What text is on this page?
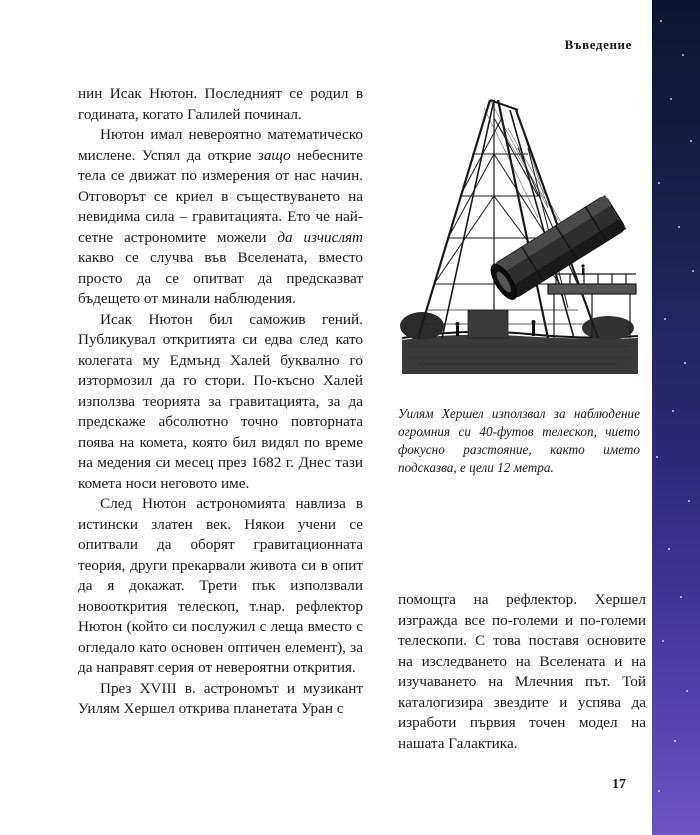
Въведение

нин Исак Нютон. Последният се родил в годината, когато Галилей починал.

Нютон имал невероятно математическо мислене. Успял да открие защо небесните тела се движат по измерения от нас начин. Отговорът се криел в съществуването на невидима сила – гравитацията. Ето че най-сетне астрономите можели да изчислят какво се случва във Вселената, вместо просто да се опитват да предсказват бъдещето от минали наблюдения.

Исак Нютон бил саможив гений. Публикувал откритията си едва след като колегата му Едмънд Халей буквално го изтормозил да го стори. По-късно Халей използва теорията за гравитацията, за да предскаже абсолютно точно повторната поява на комета, която бил видял по време на медения си месец през 1682 г. Днес тази комета носи неговото име.

След Нютон астрономията навлиза в истински златен век. Някои учени се опитвали да оборят гравитационната теория, други прекарвали живота си в опит да я докажат. Трети пък използвали новооткрития телескоп, т.нар. рефлектор Нютон (който си послужил с леща вместо с огледало като основен оптичен елемент), за да направят серия от невероятни открития.

През XVIII в. астрономът и музикант Уилям Хершел открива планетата Уран с

Уилям Хершел използвал за наблюдение огромния си 40-футов телескоп, чието фокусно разстояние, както името подсказва, е цели 12 метра.

помощта на рефлектор. Хершел изгражда все по-големи и по-големи телескопи. С това поставя основите на изследването на Вселената и на изучаването на Млечния път. Той каталогизира звездите и успява да изработи първия точен модел на нашата Галактика.

17
